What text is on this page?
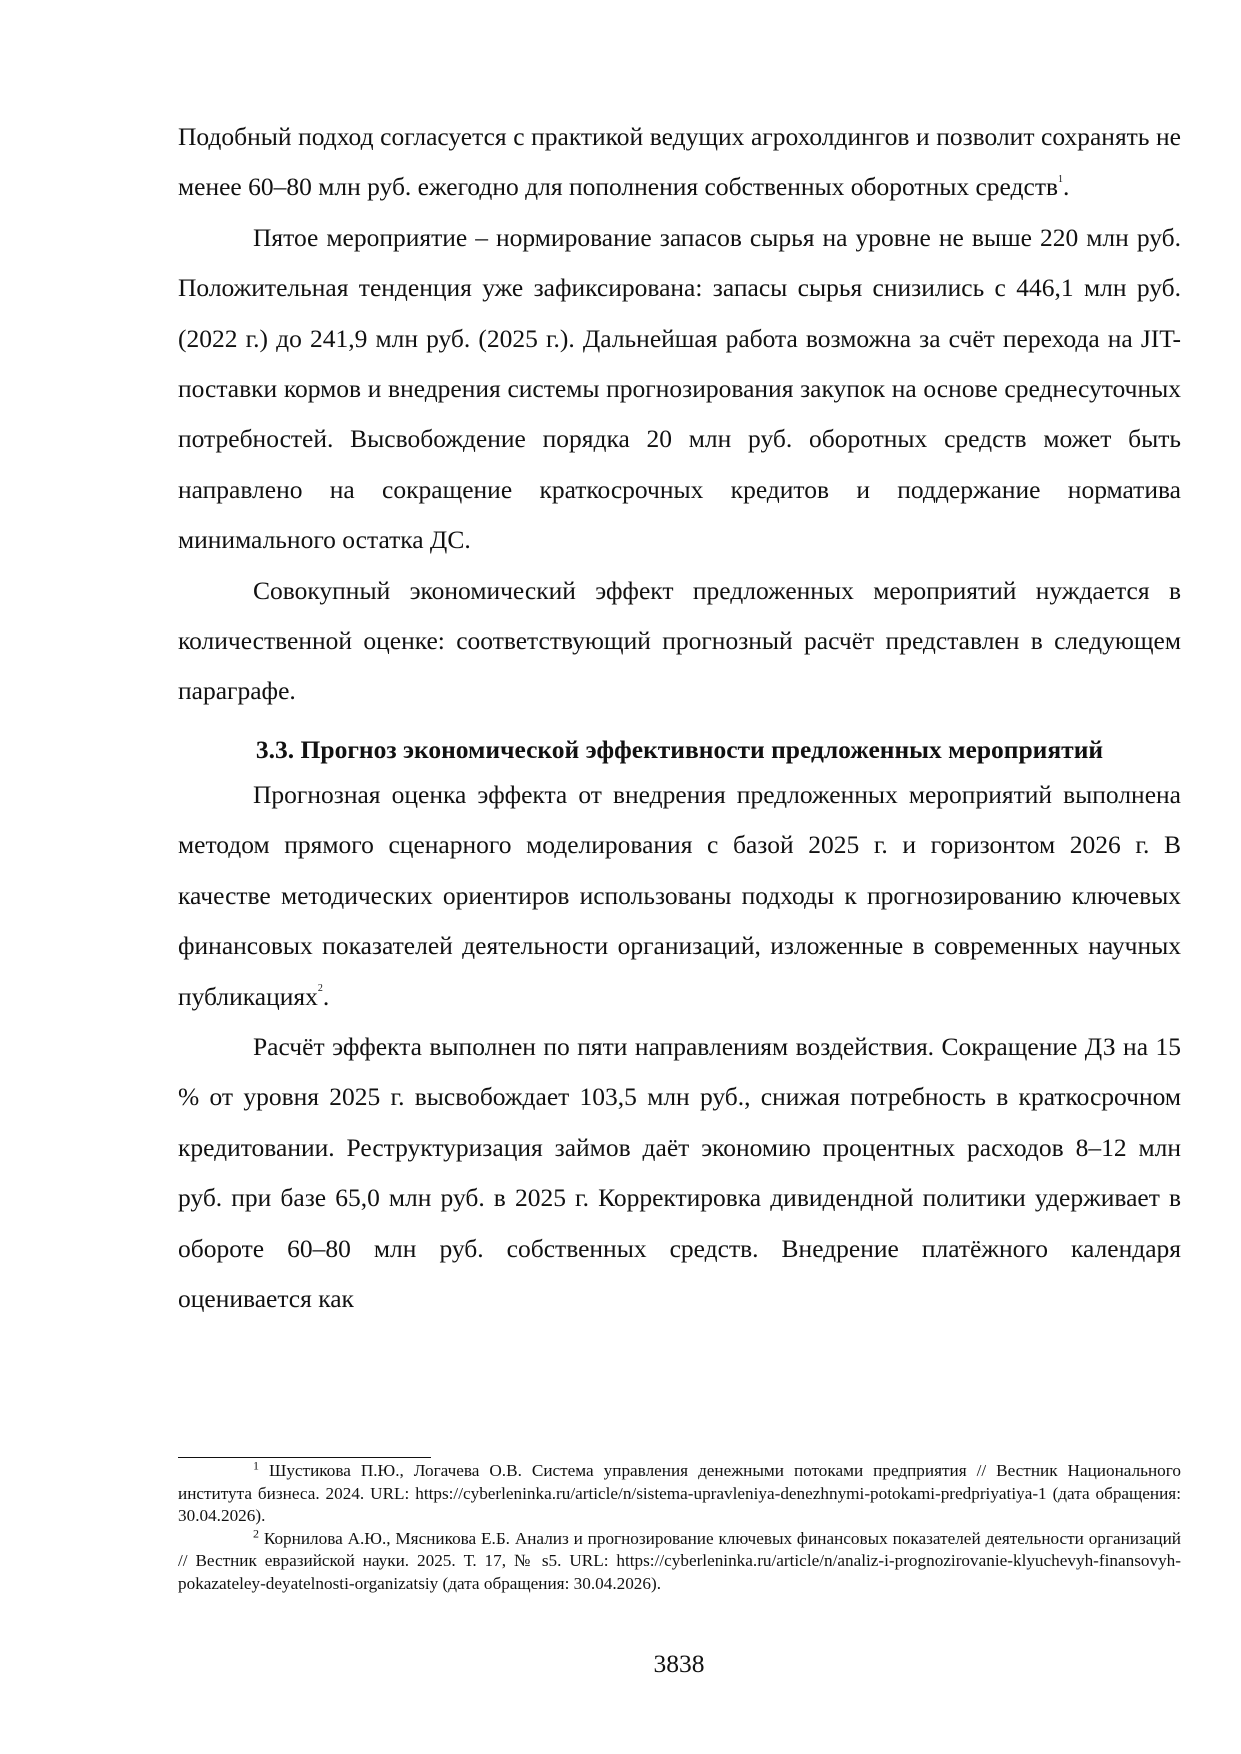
Подобный подход согласуется с практикой ведущих агрохолдингов и позволит сохранять не менее 60–80 млн руб. ежегодно для пополнения собственных оборотных средств$^1$.

Пятое мероприятие – нормирование запасов сырья на уровне не выше 220 млн руб. Положительная тенденция уже зафиксирована: запасы сырья снизились с 446,1 млн руб. (2022 г.) до 241,9 млн руб. (2025 г.). Дальнейшая работа возможна за счёт перехода на JIT-поставки кормов и внедрения системы прогнозирования закупок на основе среднесуточных потребностей. Высвобождение порядка 20 млн руб. оборотных средств может быть направлено на сокращение краткосрочных кредитов и поддержание норматива минимального остатка ДС.

Совокупный экономический эффект предложенных мероприятий нуждается в количественной оценке: соответствующий прогнозный расчёт представлен в следующем параграфе.

3.3. Прогноз экономической эффективности предложенных мероприятий

Прогнозная оценка эффекта от внедрения предложенных мероприятий выполнена методом прямого сценарного моделирования с базой 2025 г. и горизонтом 2026 г. В качестве методических ориентиров использованы подходы к прогнозированию ключевых финансовых показателей деятельности организаций, изложенные в современных научных публикациях$^2$.

Расчёт эффекта выполнен по пяти направлениям воздействия. Сокращение ДЗ на 15 % от уровня 2025 г. высвобождает 103,5 млн руб., снижая потребность в краткосрочном кредитовании. Реструктуризация займов даёт экономию процентных расходов 8–12 млн руб. при базе 65,0 млн руб. в 2025 г. Корректировка дивидендной политики удерживает в обороте 60–80 млн руб. собственных средств. Внедрение платёжного календаря оценивается как

$^1$ Шустикова П.Ю., Логачева О.В. Система управления денежными потоками предприятия // Вестник Национального института бизнеса. 2024. URL: https://cyberleninka.ru/article/n/sistema-upravleniya-denezhnymi-potokami-predpriyatiya-1 (дата обращения: 30.04.2026).

$^2$ Корнилова А.Ю., Мясникова Е.Б. Анализ и прогнозирование ключевых финансовых показателей деятельности организаций // Вестник евразийской науки. 2025. Т. 17, № s5. URL: https://cyberleninka.ru/article/n/analiz-i-prognozirovanie-klyuchevyh-finansovyh-pokazateley-deyatelnosti-organizatsiy (дата обращения: 30.04.2026).

3838
